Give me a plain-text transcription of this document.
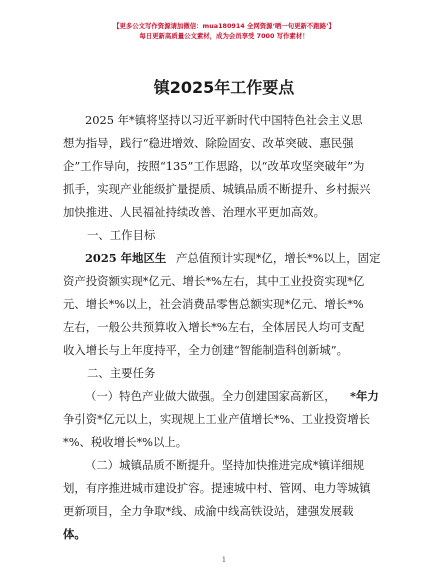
【更多公文写作资源请加微信：mua180914 全网资源‘晒一句更新不跑路’】
每日更新高质量公文素材，成为会员享受 7000 写作素材！
镇2025年工作要点
2025 年*镇将坚持以习近平新时代中国特色社会主义思
想为指导，践行“稳进增效、除险固安、改革突破、惠民强
企”工作导向，按照“135”工作思路，以“改革攻坚突破年”为
抓手，实现产业能级扩量提质、城镇品质不断提升、乡村振兴
加快推进、人民福祉持续改善、治理水平更加高效。
一、工作目标
2025 年地区生 产总值预计实现*亿，增长*%以上，固定
资产投资额实现*亿元、增长*%左右，其中工业投资实现*亿
元、增长*%以上，社会消费品零售总额实现*亿元、增长*%
左右，一般公共预算收入增长*%左右，全体居民人均可支配
收入增长与上年度持平，全力创建“智能制造科创新城”。
二、主要任务
（一）特色产业做大做强。全力创建国家高新区， *年力
争引资*亿元以上，实现规上工业产值增长*%、工业投资增长
*%、税收增长*%以上。
（二）城镇品质不断提升。坚持加快推进完成*镇详细规
划，有序推进城市建设扩容。提速城中村、管网、电力等城镇
更新项目，全力争取*线、成渝中线高铁设站，建强发展载
体。
1
